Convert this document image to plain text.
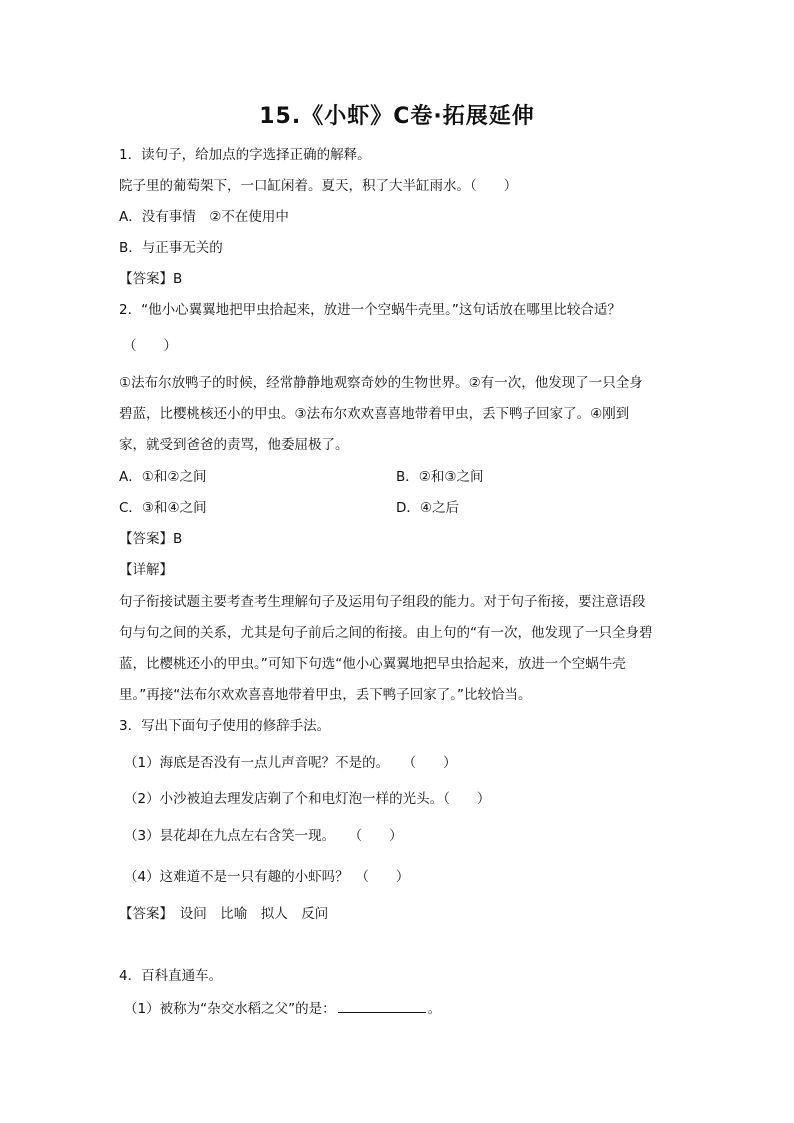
15.《小虾》C卷·拓展延伸
1．读句子，给加点的字选择正确的解释。
院子里的葡萄架下，一口缸闲着。夏天，积了大半缸雨水。（　　）
A．没有事情　②不在使用中
B．与正事无关的
【答案】B
2．“他小心翼翼地把甲虫拾起来，放进一个空蜗牛壳里。”这句话放在哪里比较合适？
（　　）
①法布尔放鸭子的时候，经常静静地观察奇妙的生物世界。②有一次，他发现了一只全身
碧蓝，比樱桃核还小的甲虫。③法布尔欢欢喜喜地带着甲虫，丢下鸭子回家了。④刚到
家，就受到爸爸的责骂，他委屈极了。
A．①和②之间	B．②和③之间
C．③和④之间	D．④之后
【答案】B
【详解】
句子衔接试题主要考查考生理解句子及运用句子组段的能力。对于句子衔接，要注意语段
句与句之间的关系，尤其是句子前后之间的衔接。由上句的“有一次，他发现了一只全身碧
蓝，比樱桃还小的甲虫。”可知下句选“他小心翼翼地把早虫拾起来，放进一个空蜗牛壳
里。”再接“法布尔欢欢喜喜地带着甲虫，丢下鸭子回家了。”比较恰当。
3．写出下面句子使用的修辞手法。
（1）海底是否没有一点儿声音呢？不是的。　　（　　）
（2）小沙被迫去理发店剃了个和电灯泡一样的光头。（　　）
（3）昙花却在九点左右含笑一现。　　（　　）
（4）这难道不是一只有趣的小虾吗？　（　　）
【答案】　设问　比喻　拟人　反问
4．百科直通车。
（1）被称为“杂交水稻之父”的是：	。
